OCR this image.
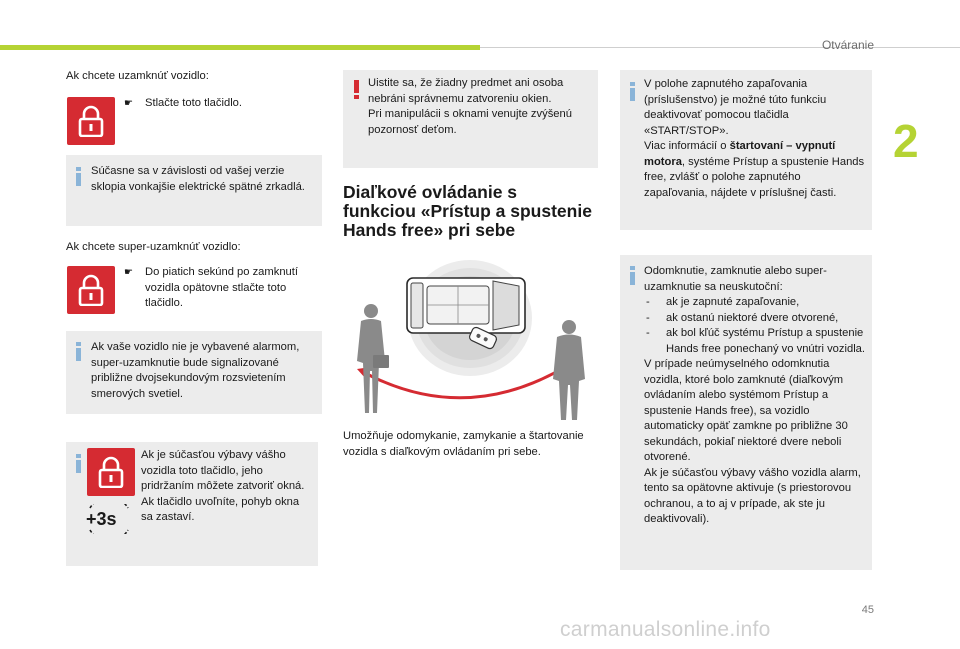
Otváranie
2
Ak chcete uzamknúť vozidlo:
☛ Stlačte toto tlačidlo.
Súčasne sa v závislosti od vašej verzie sklopia vonkajšie elektrické spätné zrkadlá.
Ak chcete super-uzamknúť vozidlo:
☛ Do piatich sekúnd po zamknutí vozidla opätovne stlačte toto tlačidlo.
Ak vaše vozidlo nie je vybavené alarmom, super-uzamknutie bude signalizované približne dvojsekundovým rozsvietením smerových svetiel.
+3s
Ak je súčasťou výbavy vášho vozidla toto tlačidlo, jeho pridržaním môžete zatvoriť okná. Ak tlačidlo uvoľníte, pohyb okna sa zastaví.
Uistite sa, že žiadny predmet ani osoba nebráni správnemu zatvoreniu okien.
Pri manipulácii s oknami venujte zvýšenú pozornosť deťom.
Diaľkové ovládanie s funkciou «Prístup a spustenie Hands free» pri sebe
Umožňuje odomykanie, zamykanie a štartovanie vozidla s diaľkovým ovládaním pri sebe.
V polohe zapnutého zapaľovania (príslušenstvo) je možné túto funkciu deaktivovať pomocou tlačidla «START/STOP».
Viac informácií o štartovaní – vypnutí motora, systéme Prístup a spustenie Hands free, zvlášť o polohe zapnutého zapaľovania, nájdete v príslušnej časti.
Odomknutie, zamknutie alebo super-uzamknutie sa neuskutoční:
- ak je zapnuté zapaľovanie,
- ak ostanú niektoré dvere otvorené,
- ak bol kľúč systému Prístup a spustenie Hands free ponechaný vo vnútri vozidla.
V prípade neúmyselného odomknutia vozidla, ktoré bolo zamknuté (diaľkovým ovládaním alebo systémom Prístup a spustenie Hands free), sa vozidlo automaticky opäť zamkne po približne 30 sekundách, pokiaľ niektoré dvere neboli otvorené.
Ak je súčasťou výbavy vášho vozidla alarm, tento sa opätovne aktivuje (s priestorovou ochranou, a to aj v prípade, ak ste ju deaktivovali).
45
carmanualsonline.info
